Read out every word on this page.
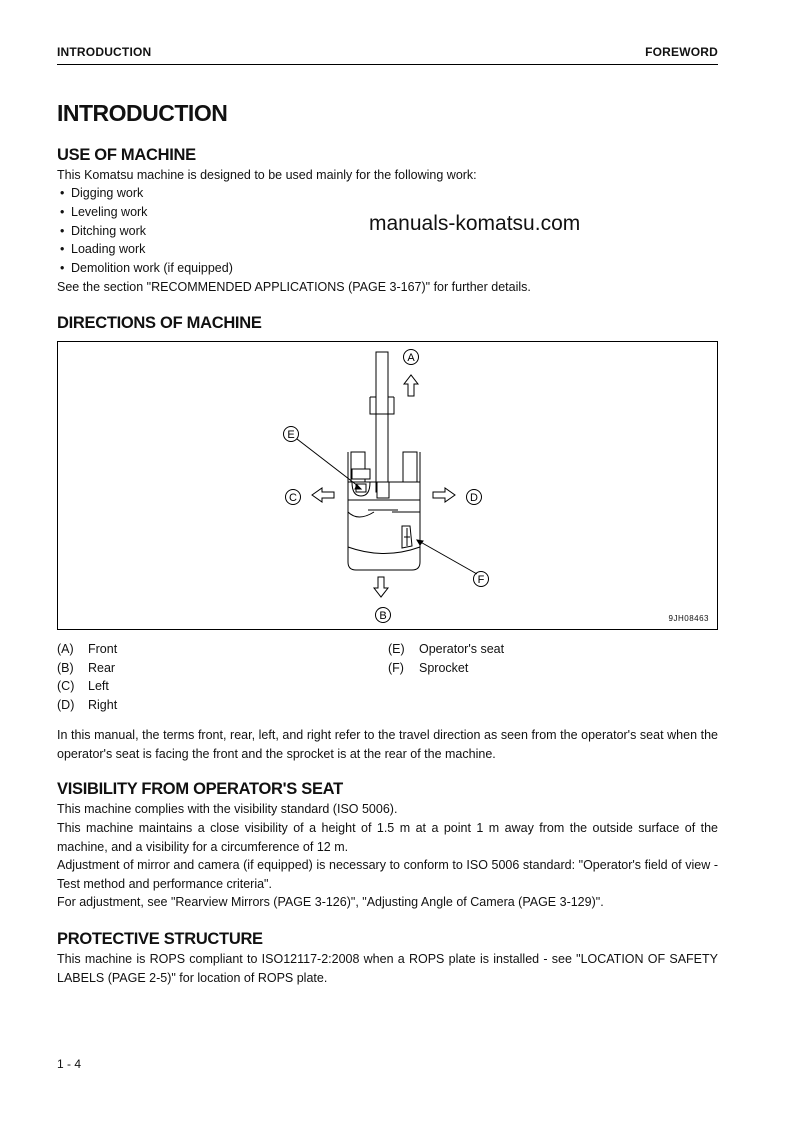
INTRODUCTION	FOREWORD
INTRODUCTION
USE OF MACHINE
This Komatsu machine is designed to be used mainly for the following work:
• Digging work
• Leveling work
• Ditching work
• Loading work
• Demolition work (if equipped)
See the section "RECOMMENDED APPLICATIONS (PAGE 3-167)" for further details.
manuals-komatsu.com
DIRECTIONS OF MACHINE
A
B
C	D
E
F
9JH08463
(A) Front
(B) Rear
(C) Left
(D) Right
(E) Operator's seat
(F) Sprocket
In this manual, the terms front, rear, left, and right refer to the travel direction as seen from the operator's seat when the operator's seat is facing the front and the sprocket is at the rear of the machine.
VISIBILITY FROM OPERATOR'S SEAT
This machine complies with the visibility standard (ISO 5006).
This machine maintains a close visibility of a height of 1.5 m at a point 1 m away from the outside surface of the machine, and a visibility for a circumference of 12 m.
Adjustment of mirror and camera (if equipped) is necessary to conform to ISO 5006 standard: "Operator's field of view - Test method and performance criteria".
For adjustment, see "Rearview Mirrors (PAGE 3-126)", "Adjusting Angle of Camera (PAGE 3-129)".
PROTECTIVE STRUCTURE
This machine is ROPS compliant to ISO12117-2:2008 when a ROPS plate is installed - see "LOCATION OF SAFETY LABELS (PAGE 2-5)" for location of ROPS plate.
1 - 4
